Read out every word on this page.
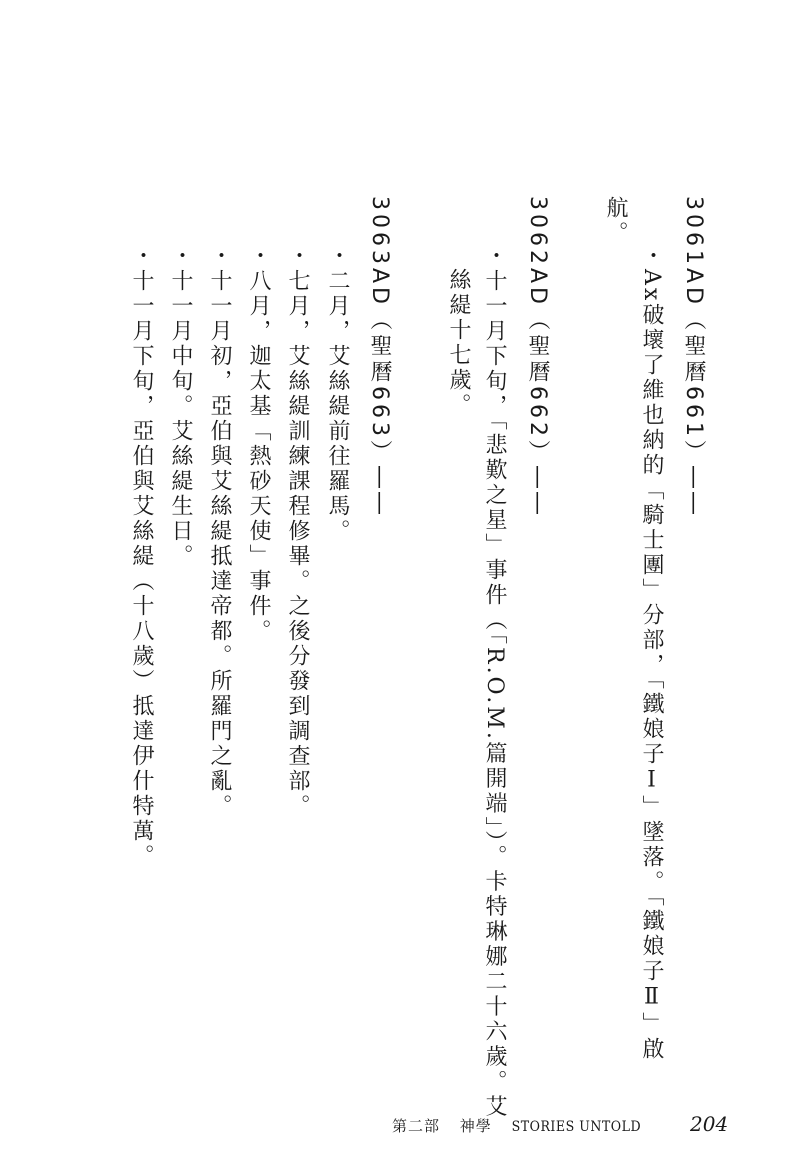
3061AD（聖曆661）――
・Ax破壞了維也納的「騎士團」分部，「鐵娘子Ⅰ」墜落。「鐵娘子Ⅱ」啟
航。
3062AD（聖曆662）――
・十一月下旬，「悲歎之星」事件（「R.O.M.篇開端」）。卡特琳娜二十六歲。艾
絲緹十七歲。
3063AD（聖曆663）――
・二月，艾絲緹前往羅馬。
・七月，艾絲緹訓練課程修畢。之後分發到調查部。
・八月，迦太基「熱砂天使」事件。
・十一月初，亞伯與艾絲緹抵達帝都。所羅門之亂。
・十一月中旬。艾絲緹生日。
・十一月下旬，亞伯與艾絲緹（十八歲）抵達伊什特萬。
第二部 神學 STORIES UNTOLD 204
